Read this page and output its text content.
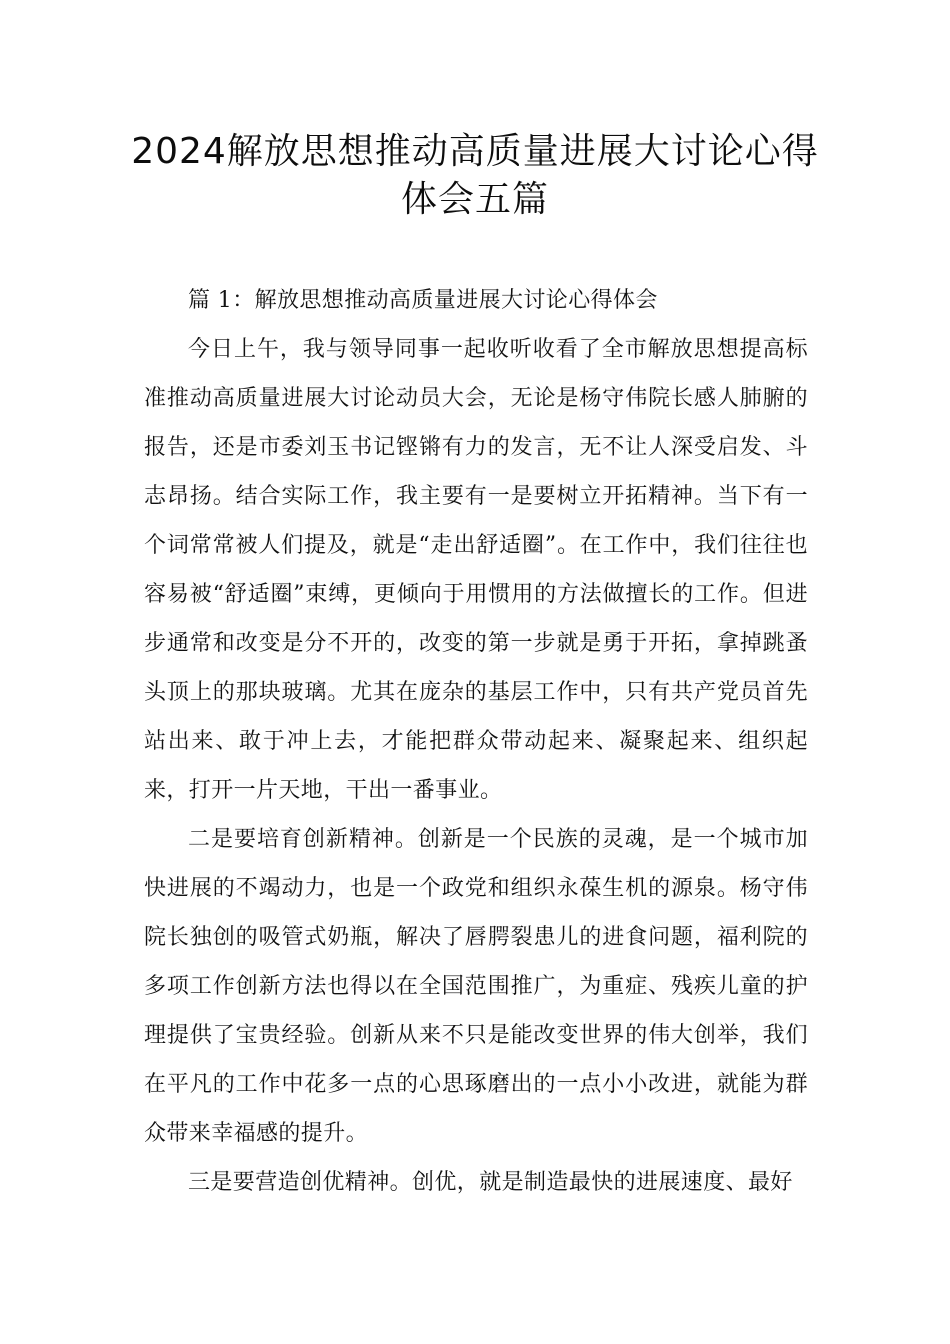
2024解放思想推动高质量进展大讨论心得体会五篇

篇 1：解放思想推动高质量进展大讨论心得体会

今日上午，我与领导同事一起收听收看了全市解放思想提高标准推动高质量进展大讨论动员大会，无论是杨守伟院长感人肺腑的报告，还是市委刘玉书记铿锵有力的发言，无不让人深受启发、斗志昂扬。结合实际工作，我主要有一是要树立开拓精神。当下有一个词常常被人们提及，就是“走出舒适圈”。在工作中，我们往往也容易被“舒适圈”束缚，更倾向于用惯用的方法做擅长的工作。但进步通常和改变是分不开的，改变的第一步就是勇于开拓，拿掉跳蚤头顶上的那块玻璃。尤其在庞杂的基层工作中，只有共产党员首先站出来、敢于冲上去，才能把群众带动起来、凝聚起来、组织起来，打开一片天地，干出一番事业。

二是要培育创新精神。创新是一个民族的灵魂，是一个城市加快进展的不竭动力，也是一个政党和组织永葆生机的源泉。杨守伟院长独创的吸管式奶瓶，解决了唇腭裂患儿的进食问题，福利院的多项工作创新方法也得以在全国范围推广，为重症、残疾儿童的护理提供了宝贵经验。创新从来不只是能改变世界的伟大创举，我们在平凡的工作中花多一点的心思琢磨出的一点小小改进，就能为群众带来幸福感的提升。

三是要营造创优精神。创优，就是制造最快的进展速度、最好
